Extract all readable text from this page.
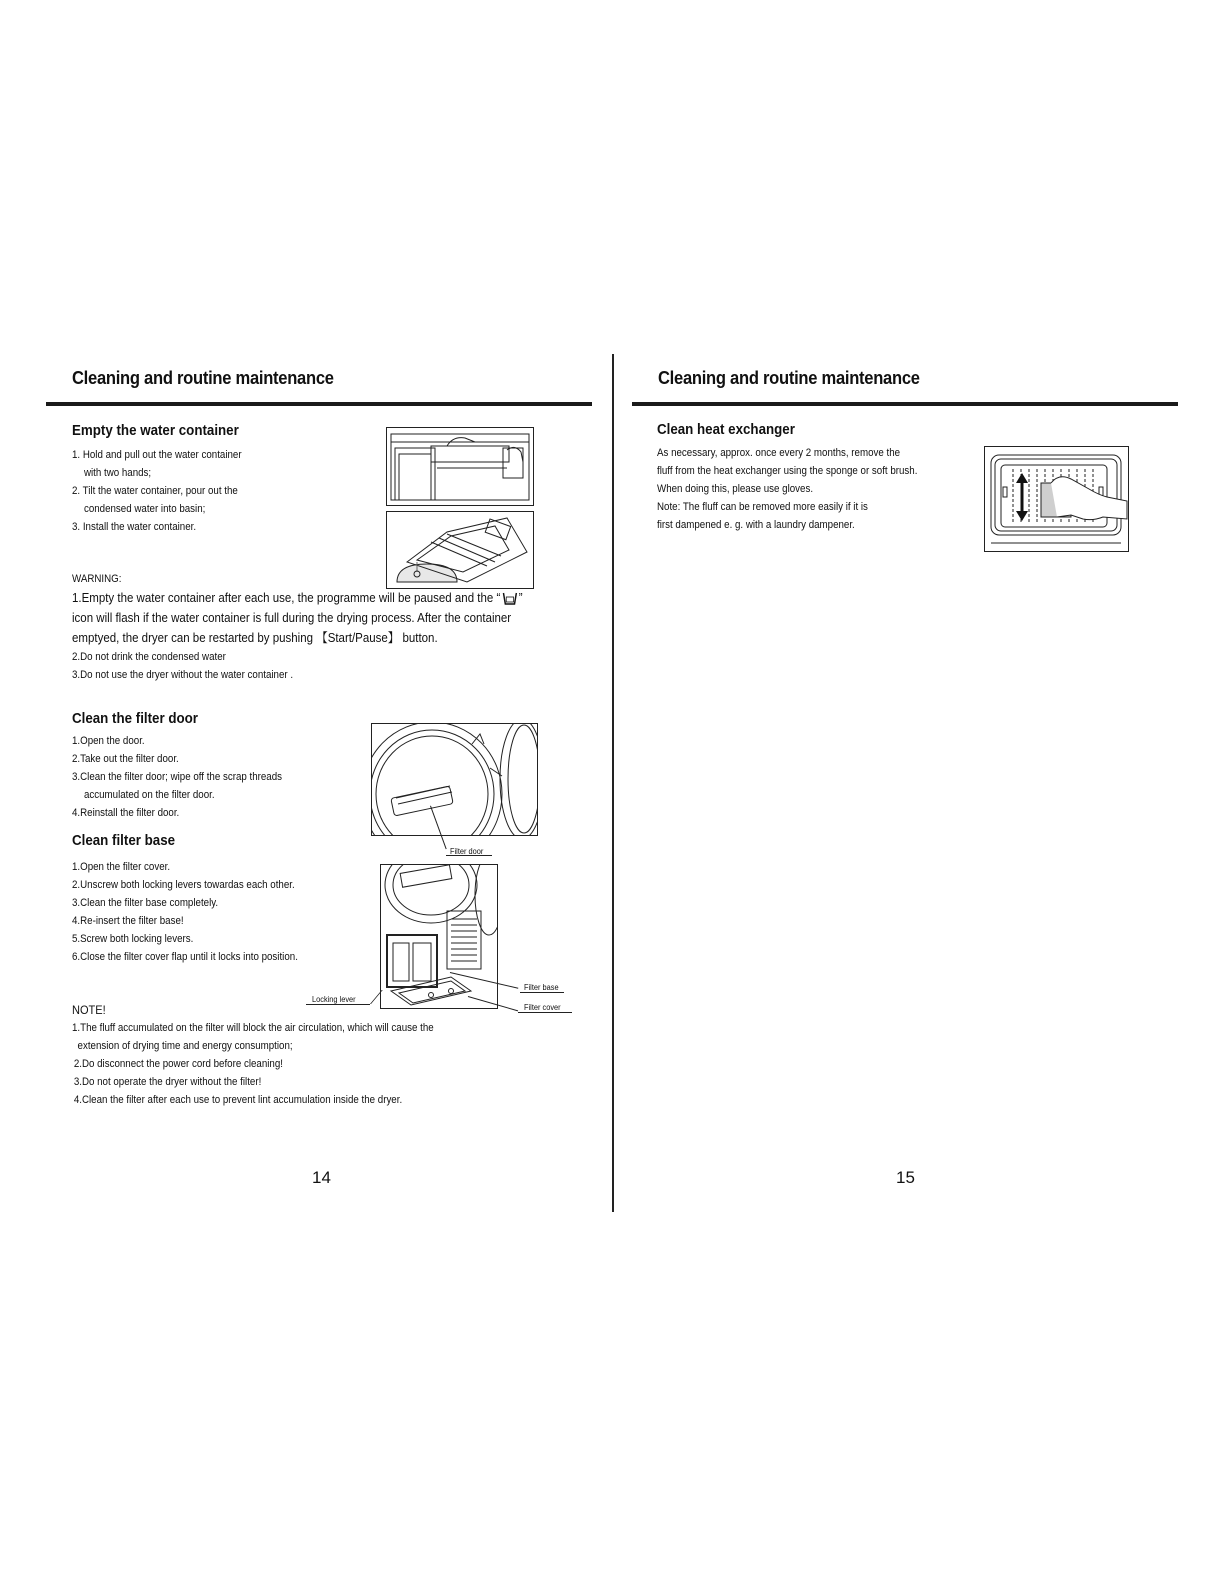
Cleaning and routine maintenance
Empty the water container
1. Hold and pull out the water container
with two hands;
2. Tilt the water container, pour out the
condensed water into basin;
3. Install the water container.
WARNING:
1.Empty the water container after each use, the programme will be paused and the “ ”
icon will flash if the water container is full during the drying process. After the container
emptyed, the dryer can be restarted by pushing 【Start/Pause】 button.
2.Do not drink the condensed water
3.Do not use the dryer without the water container .
Clean the filter door
1.Open the door.
2.Take out the filter door.
3.Clean the filter door; wipe off the scrap threads
accumulated on the filter door.
4.Reinstall the filter door.
Filter door
Clean filter base
1.Open the filter cover.
2.Unscrew both locking levers towardas each other.
3.Clean the filter base completely.
4.Re-insert the filter base!
5.Screw both locking levers.
6.Close the filter cover flap until it locks into position.
Locking lever
Filter base
Filter cover
NOTE!
1.The fluff accumulated on the filter will block the air circulation, which will cause the
extension of drying time and energy consumption;
2.Do disconnect the power cord before cleaning!
3.Do not operate the dryer without the filter!
4.Clean the filter after each use to prevent lint accumulation inside the dryer.
14
Cleaning and routine maintenance
Clean heat exchanger
As necessary, approx. once every 2 months, remove the
fluff from the heat exchanger using the sponge or soft brush.
When doing this, please use gloves.
Note: The fluff can be removed more easily if it is
first dampened e. g. with a laundry dampener.
15
